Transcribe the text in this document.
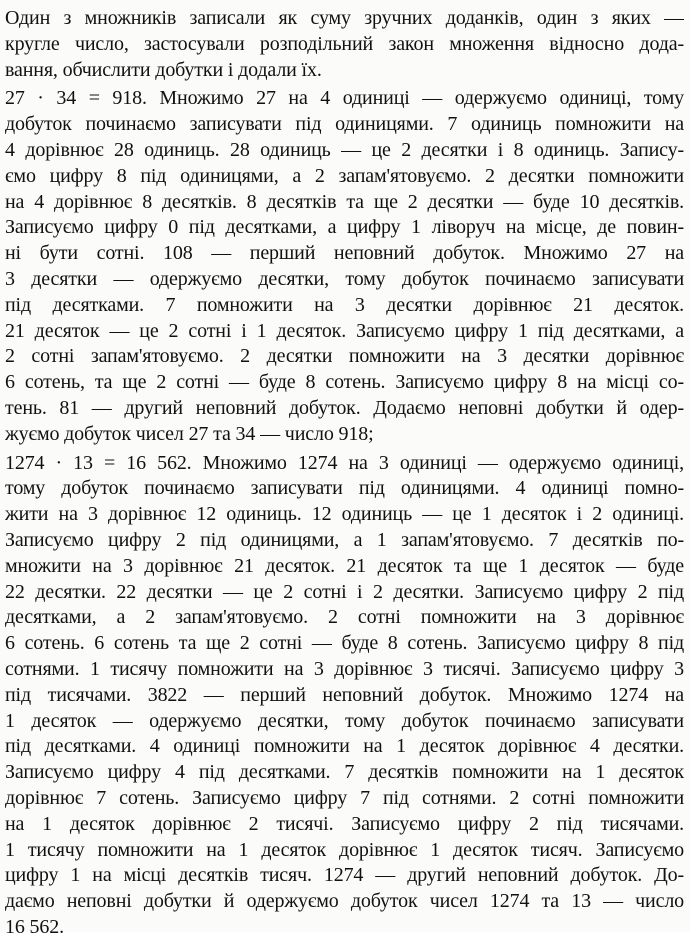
Один з множників записали як суму зручних доданків, один з яких —
кругле число, застосували розподільний закон множення відносно дода-
вання, обчислити добутки і додали їх.
27 · 34 = 918. Множимо 27 на 4 одиниці — одержуємо одиниці, тому
добуток починаємо записувати під одиницями. 7 одиниць помножити на
4 дорівнює 28 одиниць. 28 одиниць — це 2 десятки і 8 одиниць. Запису-
ємо цифру 8 під одиницями, а 2 запам'ятовуємо. 2 десятки помножити
на 4 дорівнює 8 десятків. 8 десятків та ще 2 десятки — буде 10 десятків.
Записуємо цифру 0 під десятками, а цифру 1 ліворуч на місце, де повин-
ні бути сотні. 108 — перший неповний добуток. Множимо 27 на
3 десятки — одержуємо десятки, тому добуток починаємо записувати
під десятками. 7 помножити на 3 десятки дорівнює 21 десяток.
21 десяток — це 2 сотні і 1 десяток. Записуємо цифру 1 під десятками, а
2 сотні запам'ятовуємо. 2 десятки помножити на 3 десятки дорівнює
6 сотень, та ще 2 сотні — буде 8 сотень. Записуємо цифру 8 на місці со-
тень. 81 — другий неповний добуток. Додаємо неповні добутки й одер-
жуємо добуток чисел 27 та 34 — число 918;
1274 · 13 = 16 562. Множимо 1274 на 3 одиниці — одержуємо одиниці,
тому добуток починаємо записувати під одиницями. 4 одиниці помно-
жити на 3 дорівнює 12 одиниць. 12 одиниць — це 1 десяток і 2 одиниці.
Записуємо цифру 2 під одиницями, а 1 запам'ятовуємо. 7 десятків по-
множити на 3 дорівнює 21 десяток. 21 десяток та ще 1 десяток — буде
22 десятки. 22 десятки — це 2 сотні і 2 десятки. Записуємо цифру 2 під
десятками, а 2 запам'ятовуємо. 2 сотні помножити на 3 дорівнює
6 сотень. 6 сотень та ще 2 сотні — буде 8 сотень. Записуємо цифру 8 під
сотнями. 1 тисячу помножити на 3 дорівнює 3 тисячі. Записуємо цифру 3
під тисячами. 3822 — перший неповний добуток. Множимо 1274 на
1 десяток — одержуємо десятки, тому добуток починаємо записувати
під десятками. 4 одиниці помножити на 1 десяток дорівнює 4 десятки.
Записуємо цифру 4 під десятками. 7 десятків помножити на 1 десяток
дорівнює 7 сотень. Записуємо цифру 7 під сотнями. 2 сотні помножити
на 1 десяток дорівнює 2 тисячі. Записуємо цифру 2 під тисячами.
1 тисячу помножити на 1 десяток дорівнює 1 десяток тисяч. Записуємо
цифру 1 на місці десятків тисяч. 1274 — другий неповний добуток. До-
даємо неповні добутки й одержуємо добуток чисел 1274 та 13 — число
16 562.
